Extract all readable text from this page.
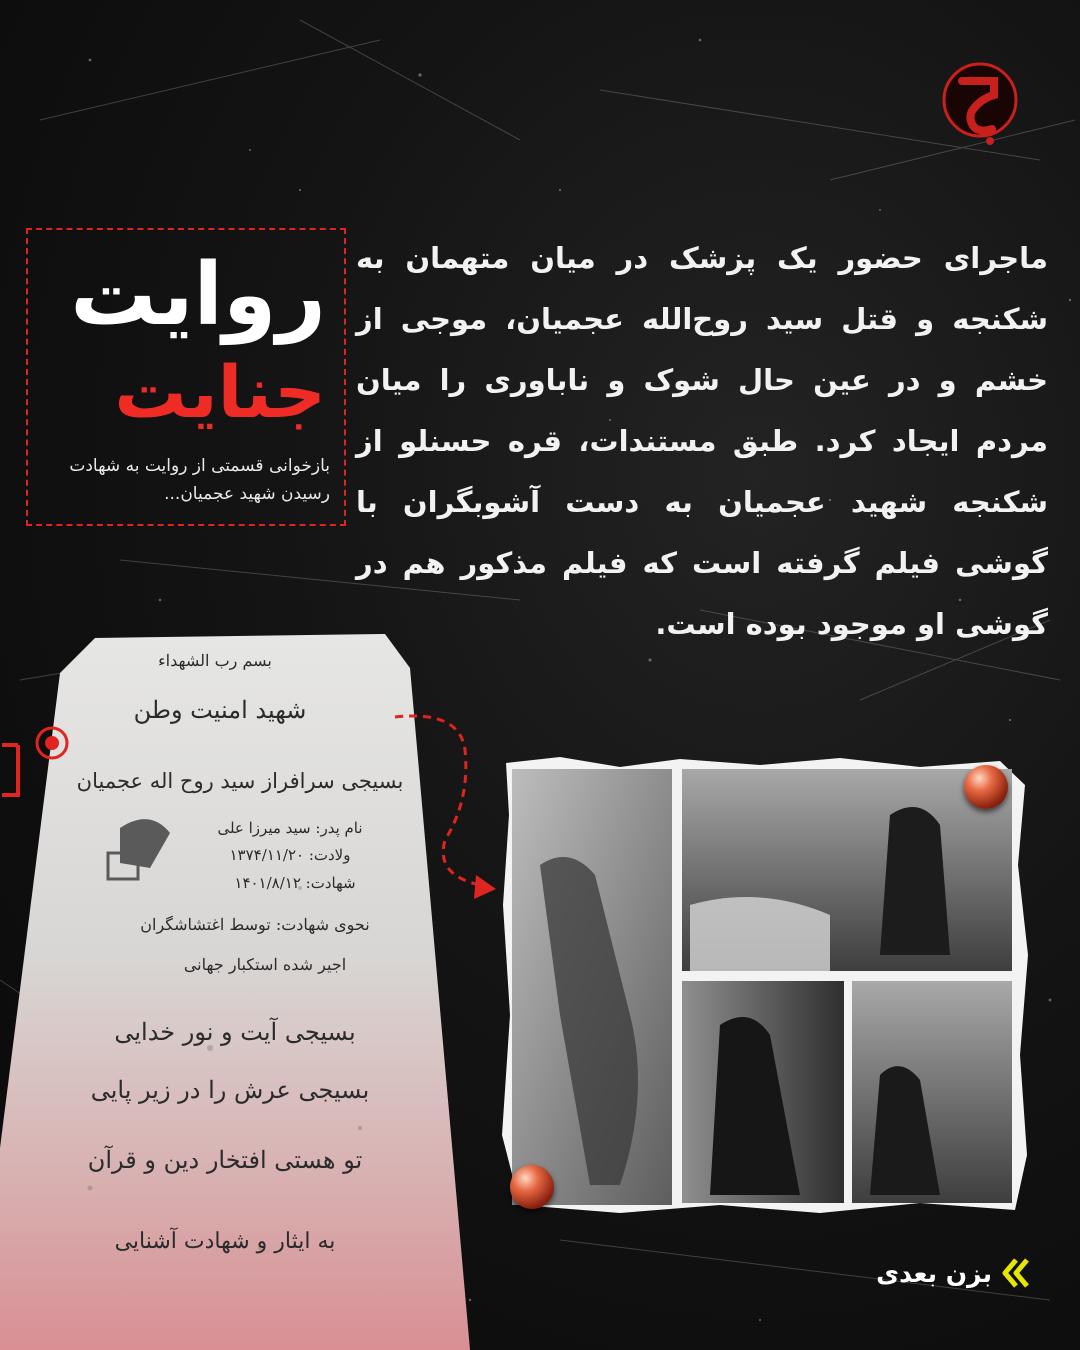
روایت
جنایت

بازخوانی قسمتی از روایت به شهادت

رسیدن شهید عجمیان...

ماجرای حضور یک پزشک در میان متهمان به شکنجه و قتل سید روح‌الله عجمیان، موجی از خشم و در عین حال شوک و ناباوری را میان مردم ایجاد کرد. طبق مستندات، قره حسنلو از شکنجه شهید عجمیان به دست آشوبگران با گوشی فیلم گرفته است که فیلم مذکور هم در گوشی او موجود بوده است.

بسم رب الشهداء
شهید امنیت وطن
بسیجی سرافراز سید روح اله عجمیان
نام پدر: سید میرزا علی
ولادت: ۱۳۷۴/۱۱/۲۰
شهادت: ۱۴۰۱/۸/۱۲
نحوی شهادت: توسط اغتشاشگران
اجیر شده استکبار جهانی
بسیجی آیت و نور خدایی
بسیجی عرش را در زیر پایی
تو هستی افتخار دین و قرآن
به ایثار و شهادت آشنایی
بزن بعدی
